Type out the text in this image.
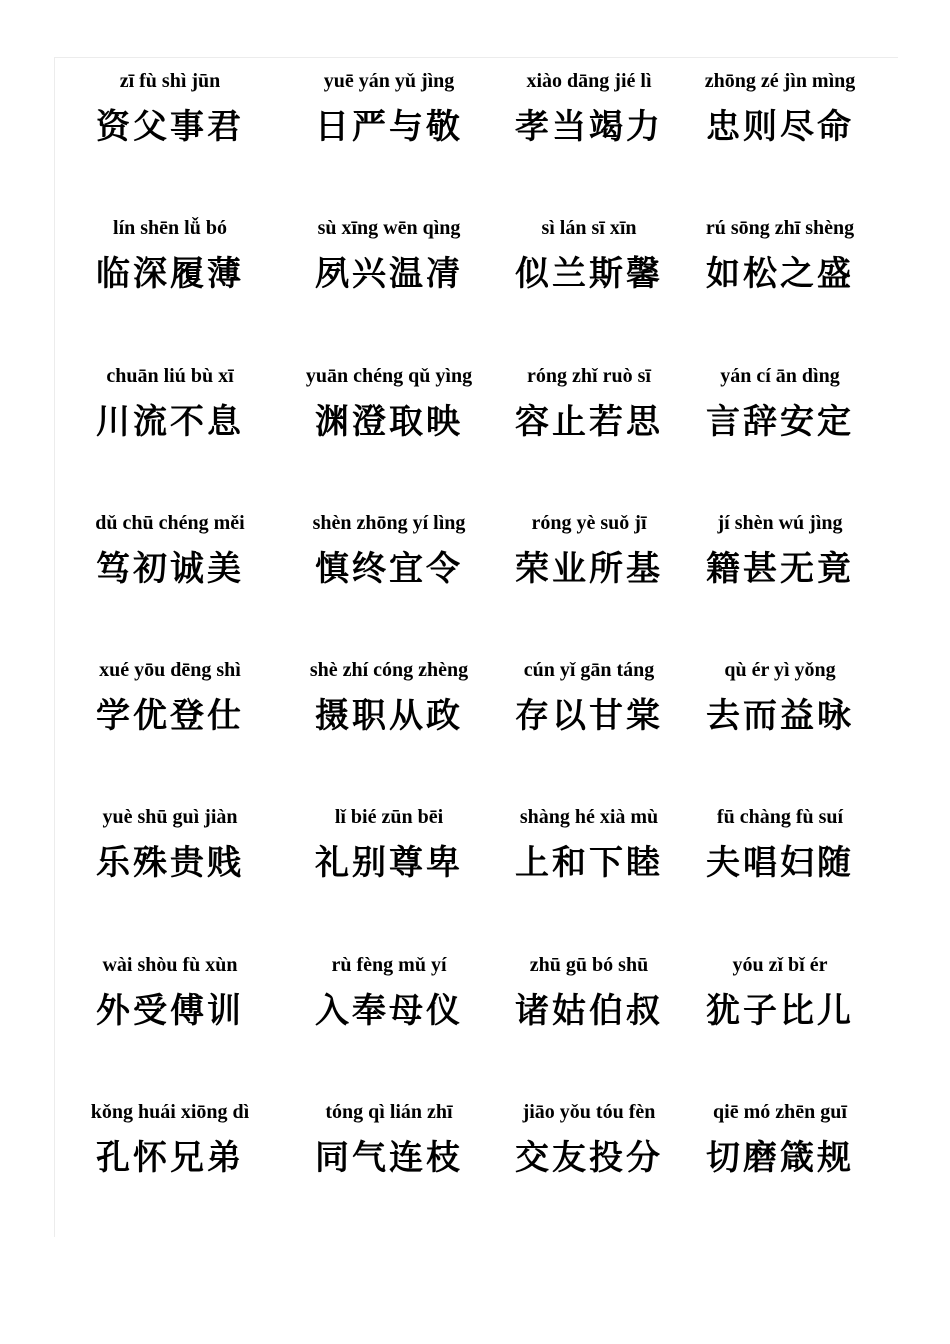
zī fù shì jūn
资父事君
yuē yán yǔ jìng
日严与敬
xiào dāng jié lì
孝当竭力
zhōng zé jìn mìng
忠则尽命
lín shēn lǚ bó
临深履薄
sù xīng wēn qìng
夙兴温凊
sì lán sī xīn
似兰斯馨
rú sōng zhī shèng
如松之盛
chuān liú bù xī
川流不息
yuān chéng qǔ yìng
渊澄取映
róng zhǐ ruò sī
容止若思
yán cí ān dìng
言辞安定
dǔ chū chéng měi
笃初诚美
shèn zhōng yí lìng
慎终宜令
róng yè suǒ jī
荣业所基
jí shèn wú jìng
籍甚无竟
xué yōu dēng shì
学优登仕
shè zhí cóng zhèng
摄职从政
cún yǐ gān táng
存以甘棠
qù ér yì yǒng
去而益咏
yuè shū guì jiàn
乐殊贵贱
lǐ bié zūn bēi
礼别尊卑
shàng hé xià mù
上和下睦
fū chàng fù suí
夫唱妇随
wài shòu fù xùn
外受傅训
rù fèng mǔ yí
入奉母仪
zhū gū bó shū
诸姑伯叔
yóu zǐ bǐ ér
犹子比儿
kǒng huái xiōng dì
孔怀兄弟
tóng qì lián zhī
同气连枝
jiāo yǒu tóu fèn
交友投分
qiē mó zhēn guī
切磨箴规
